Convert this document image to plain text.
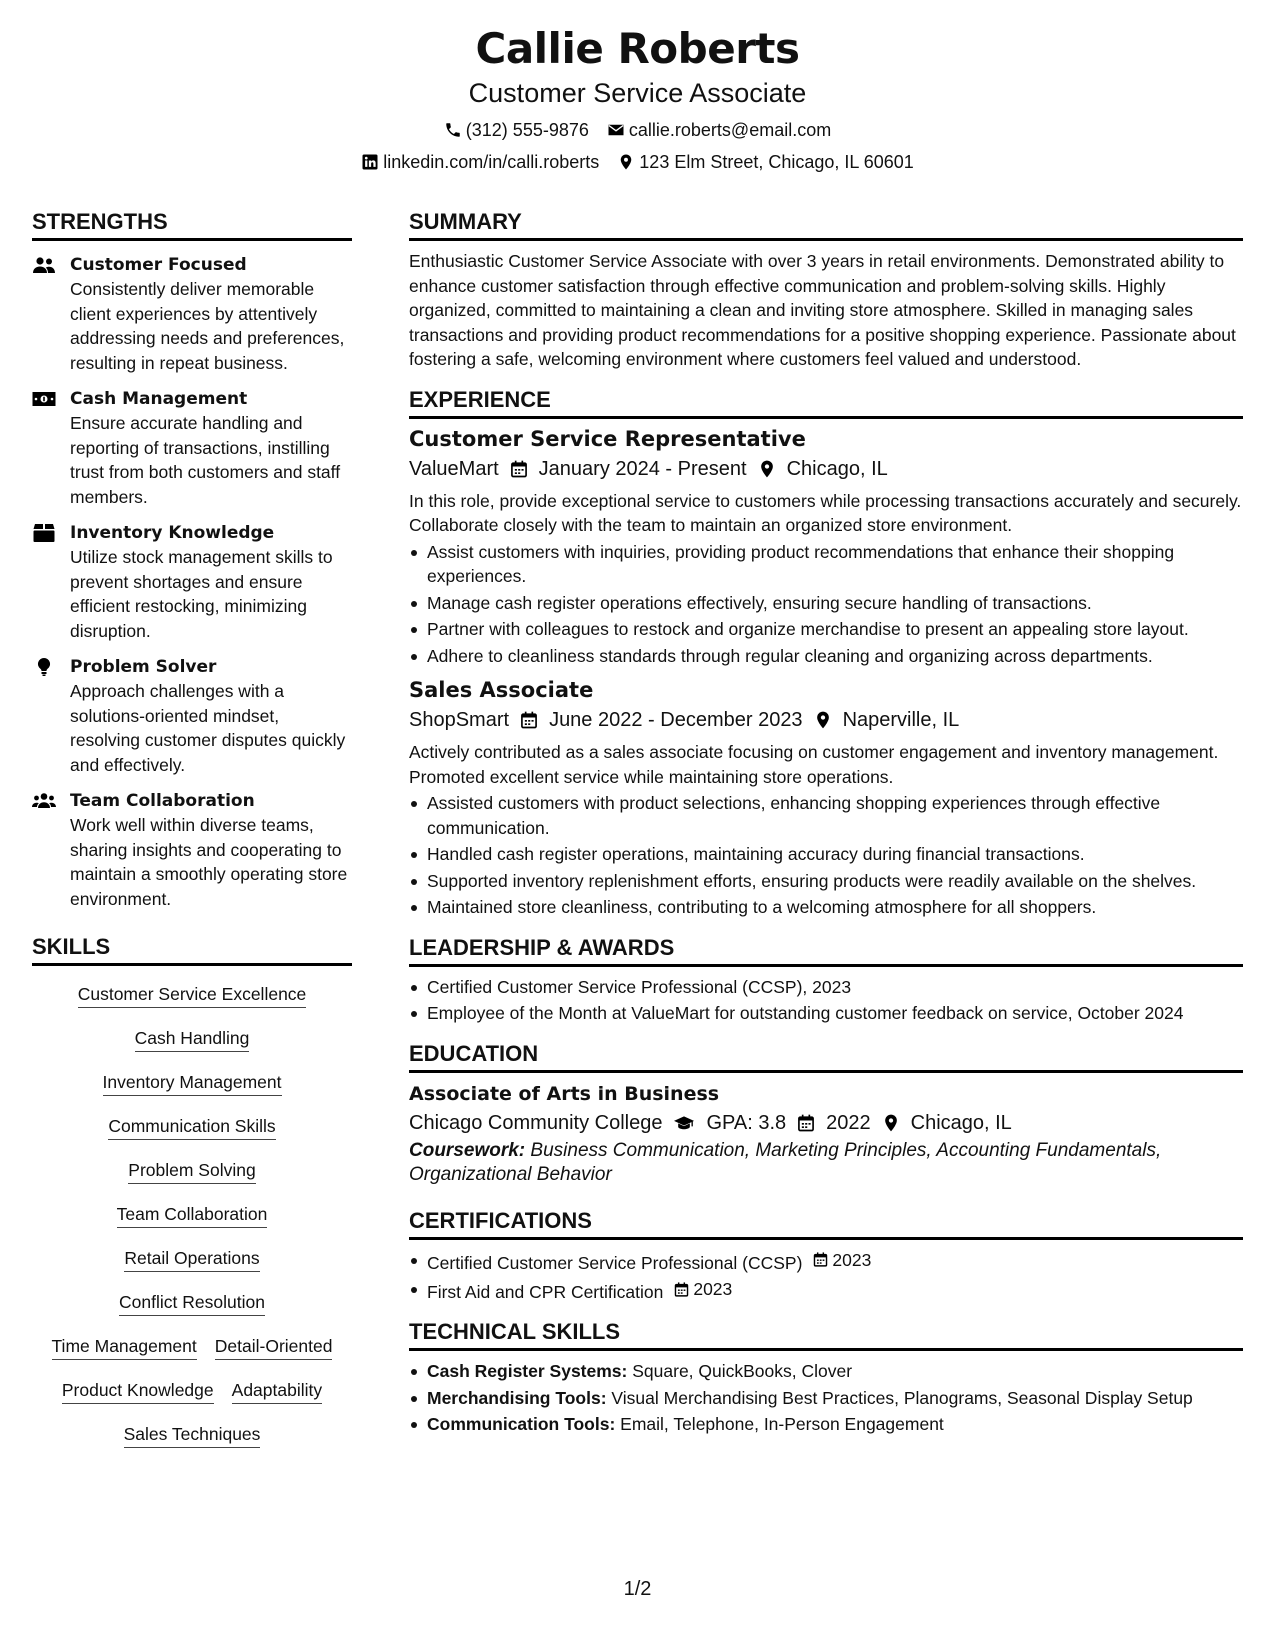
Callie Roberts
Customer Service Associate
(312) 555-9876 callie.roberts@email.com
linkedin.com/in/calli.roberts 123 Elm Street, Chicago, IL 60601
STRENGTHS
Customer Focused
Consistently deliver memorable client experiences by attentively addressing needs and preferences, resulting in repeat business.
Cash Management
Ensure accurate handling and reporting of transactions, instilling trust from both customers and staff members.
Inventory Knowledge
Utilize stock management skills to prevent shortages and ensure efficient restocking, minimizing disruption.
Problem Solver
Approach challenges with a solutions-oriented mindset, resolving customer disputes quickly and effectively.
Team Collaboration
Work well within diverse teams, sharing insights and cooperating to maintain a smoothly operating store environment.
SKILLS
Customer Service Excellence
Cash Handling
Inventory Management
Communication Skills
Problem Solving
Team Collaboration
Retail Operations
Conflict Resolution
Time Management Detail-Oriented
Product Knowledge Adaptability
Sales Techniques
SUMMARY
Enthusiastic Customer Service Associate with over 3 years in retail environments. Demonstrated ability to enhance customer satisfaction through effective communication and problem-solving skills. Highly organized, committed to maintaining a clean and inviting store atmosphere. Skilled in managing sales transactions and providing product recommendations for a positive shopping experience. Passionate about fostering a safe, welcoming environment where customers feel valued and understood.
EXPERIENCE
Customer Service Representative
ValueMart January 2024 - Present Chicago, IL
In this role, provide exceptional service to customers while processing transactions accurately and securely. Collaborate closely with the team to maintain an organized store environment.
Assist customers with inquiries, providing product recommendations that enhance their shopping experiences.
Manage cash register operations effectively, ensuring secure handling of transactions.
Partner with colleagues to restock and organize merchandise to present an appealing store layout.
Adhere to cleanliness standards through regular cleaning and organizing across departments.
Sales Associate
ShopSmart June 2022 - December 2023 Naperville, IL
Actively contributed as a sales associate focusing on customer engagement and inventory management. Promoted excellent service while maintaining store operations.
Assisted customers with product selections, enhancing shopping experiences through effective communication.
Handled cash register operations, maintaining accuracy during financial transactions.
Supported inventory replenishment efforts, ensuring products were readily available on the shelves.
Maintained store cleanliness, contributing to a welcoming atmosphere for all shoppers.
LEADERSHIP & AWARDS
Certified Customer Service Professional (CCSP), 2023
Employee of the Month at ValueMart for outstanding customer feedback on service, October 2024
EDUCATION
Associate of Arts in Business
Chicago Community College GPA: 3.8 2022 Chicago, IL
Coursework: Business Communication, Marketing Principles, Accounting Fundamentals, Organizational Behavior
CERTIFICATIONS
Certified Customer Service Professional (CCSP) 2023
First Aid and CPR Certification 2023
TECHNICAL SKILLS
Cash Register Systems: Square, QuickBooks, Clover
Merchandising Tools: Visual Merchandising Best Practices, Planograms, Seasonal Display Setup
Communication Tools: Email, Telephone, In-Person Engagement
1/2
